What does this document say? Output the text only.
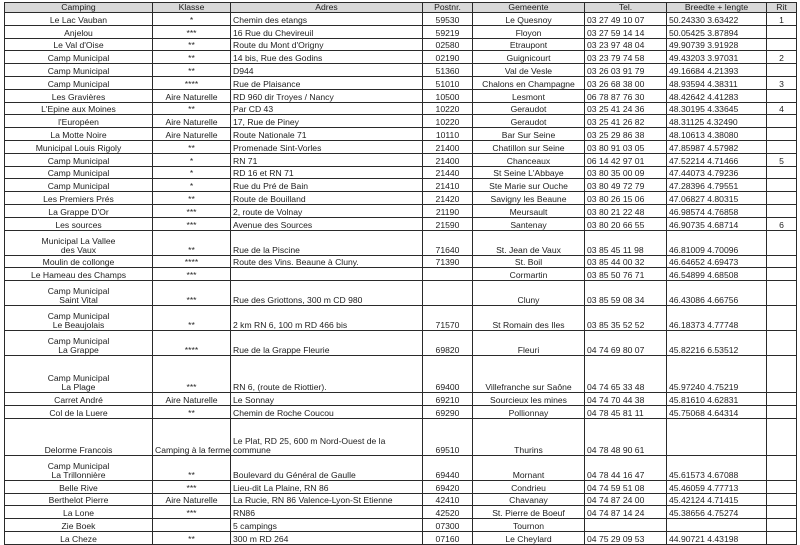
Camping	Klasse	Adres	Postnr.	Gemeente	Tel.	Breedte + lengte	Rit

Le Lac Vauban	*	Chemin des etangs	59530	Le Quesnoy	03 27 49 10 07	50.24330 3.63422	1

Anjelou	***	16 Rue du Chevireuil	59219	Floyon	03 27 59 14 14	50.05425 3.87894	

Le Val d'Oise	**	Route du Mont d'Origny	02580	Etraupont	03 23 97 48 04	49.90739 3.91928	

Camp Municipal	**	14 bis, Rue des Godins	02190	Guignicourt	03 23 79 74 58	49.43203 3.97031	2

Camp Municipal	**	D944	51360	Val de Vesle	03 26 03 91 79	49.16684 4.21393	

Camp Municipal	****	Rue de Plaisance	51010	Chalons en Champagne	03 26 68 38 00	48.93594 4.38311	3

Les Gravières	Aire Naturelle	RD 960 dir Troyes / Nancy	10500	Lesmont	06 78 87 76 30	48.42642 4.41283	

L'Epine aux Moines	**	Par CD 43	10220	Geraudot	03 25 41 24 36	48.30195 4.33645	4

l'Européen	Aire Naturelle	17, Rue de Piney	10220	Geraudot	03 25 41 26 82	48.31125 4.32490	

La Motte Noire	Aire Naturelle	Route Nationale 71	10110	Bar Sur Seine	03 25 29 86 38	48.10613 4.38080	

Municipal Louis Rigoly	**	Promenade Sint-Vorles	21400	Chatillon sur Seine	03 80 91 03 05	47.85987 4.57982	

Camp Municipal	*	RN 71	21400	Chanceaux	06 14 42 97 01	47.52214 4.71466	5

Camp Municipal	*	RD 16 et RN 71	21440	St Seine L'Abbaye	03 80 35 00 09	47.44073 4.79236	

Camp Municipal	*	Rue du Pré de Bain	21410	Ste Marie sur Ouche	03 80 49 72 79	47.28396 4.79551	

Les Premiers Prés	**	Route de Bouilland	21420	Savigny les Beaune	03 80 26 15 06	47.06827 4.80315	

La Grappe D'Or	***	2, route de Volnay	21190	Meursault	03 80 21 22 48	46.98574 4.76858	

Les sources	***	Avenue des Sources	21590	Santenay	03 80 20 66 55	46.90735 4.68714	6

Municipal La Vallee
des Vaux	**	Rue de la Piscine	71640	St. Jean de Vaux	03 85 45 11 98	46.81009 4.70096	

Moulin de collonge	****	Route des Vins. Beaune à Cluny.	71390	St. Boil	03 85 44 00 32	46.64652 4.69473	

Le Hameau des Champs	***			Cormartin	03 85 50 76 71	46.54899 4.68508	

Camp Municipal
Saint Vital	***	Rue des Griottons, 300 m CD 980		Cluny	03 85 59 08 34	46.43086 4.66756	

Camp Municipal
Le Beaujolais	**	2 km RN 6, 100 m RD 466 bis	71570	St Romain des Iles	03 85 35 52 52	46.18373 4.77748	

Camp Municipal
La Grappe	****	Rue de la Grappe Fleurie	69820	Fleuri	04 74 69 80 07	45.82216 6.53512	

Camp Municipal
La Plage	***	RN 6, (route de Riottier).	69400	Villefranche sur Saône	04 74 65 33 48	45.97240 4.75219	

Carret André	Aire Naturelle	Le Sonnay	69210	Sourcieux les mines	04 74 70 44 38	45.81610 4.62831	

Col de la Luere	**	Chemin de Roche Coucou	69290	Pollionnay	04 78 45 81 11	45.75068 4.64314	

Delorme Francois	Camping à la ferme	Le Plat, RD 25, 600 m Nord-Ouest de la
commune	69510	Thurins	04 78 48 90 61		

Camp Municipal
La Trillonnière	**	Boulevard du Général de Gaulle	69440	Mornant	04 78 44 16 47	45.61573 4.67088	

Belle Rive	***	Lieu-dit La Plaine, RN 86	69420	Condrieu	04 74 59 51 08	45.46059 4.77713	

Berthelot Pierre	Aire Naturelle	La Rucie, RN 86 Valence-Lyon-St Etienne	42410	Chavanay	04 74 87 24 00	45.42124 4.71415	

La Lone	***	RN86	42520	St. Pierre de Boeuf	04 74 87 14 24	45.38656 4.75274	

Zie Boek		5 campings	07300	Tournon			

La Cheze	**	300 m RD 264	07160	Le Cheylard	04 75 29 09 53	44.90721 4.43198	
